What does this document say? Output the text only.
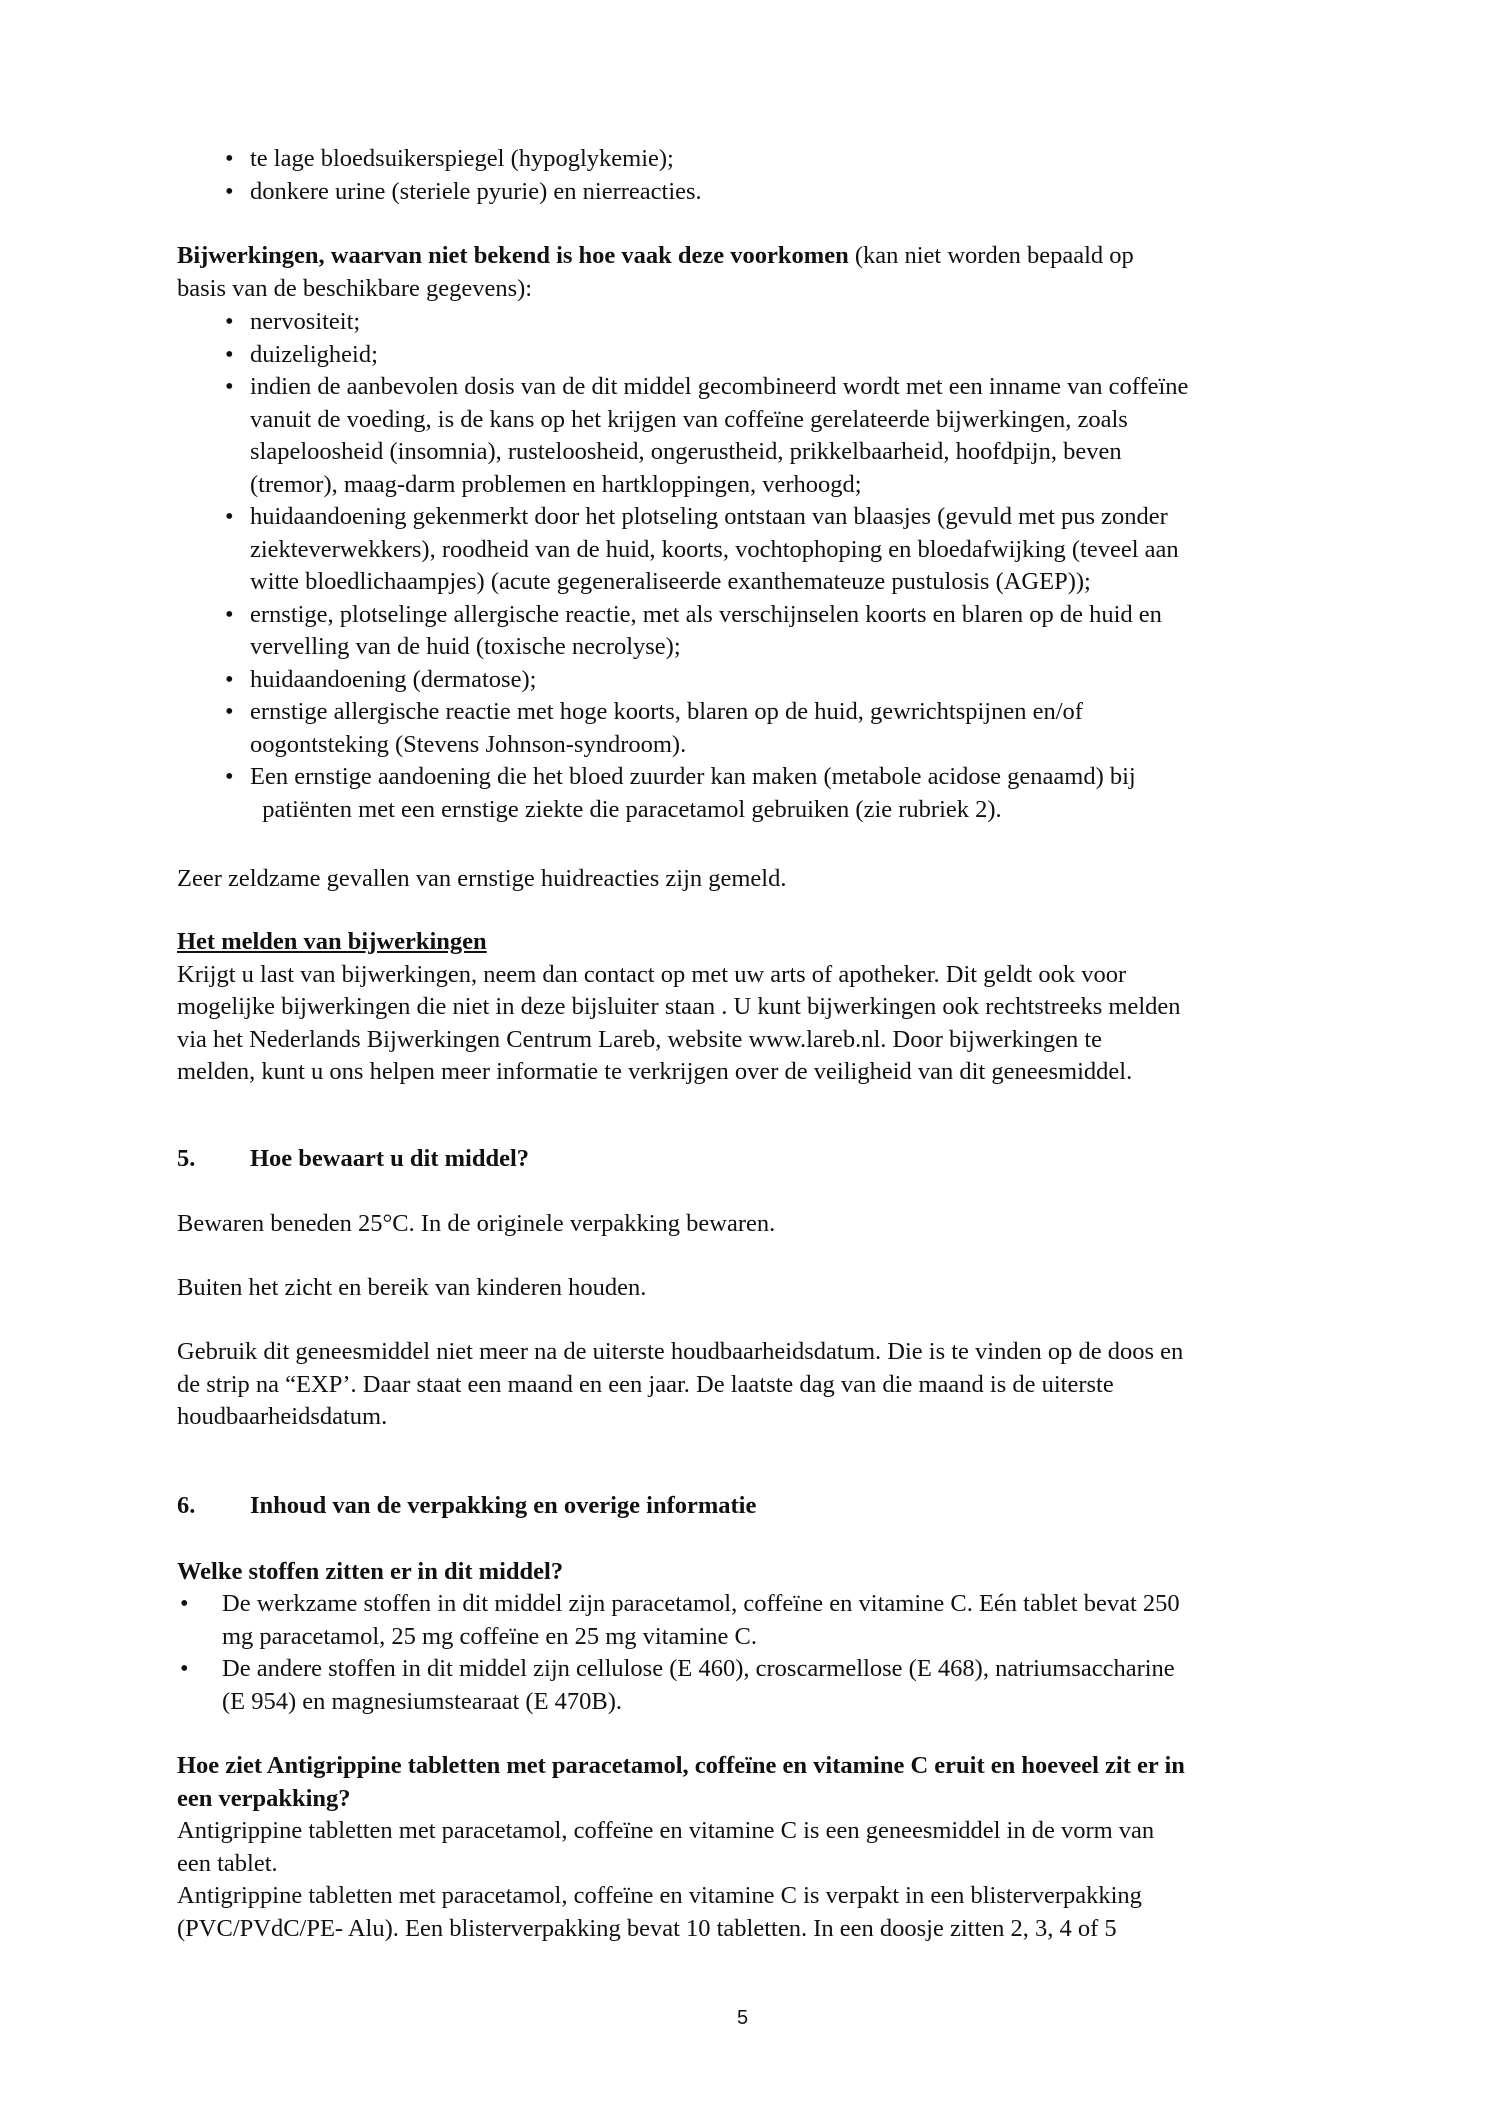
• te lage bloedsuikerspiegel (hypoglykemie);
• donkere urine (steriele pyurie) en nierreacties.
Bijwerkingen, waarvan niet bekend is hoe vaak deze voorkomen (kan niet worden bepaald op
basis van de beschikbare gegevens):
• nervositeit;
• duizeligheid;
• indien de aanbevolen dosis van de dit middel gecombineerd wordt met een inname van coffeïne
vanuit de voeding, is de kans op het krijgen van coffeïne gerelateerde bijwerkingen, zoals
slapeloosheid (insomnia), rusteloosheid, ongerustheid, prikkelbaarheid, hoofdpijn, beven
(tremor), maag-darm problemen en hartkloppingen, verhoogd;
• huidaandoening gekenmerkt door het plotseling ontstaan van blaasjes (gevuld met pus zonder
ziekteverwekkers), roodheid van de huid, koorts, vochtophoping en bloedafwijking (teveel aan
witte bloedlichaampjes) (acute gegeneraliseerde exanthemateuze pustulosis (AGEP));
• ernstige, plotselinge allergische reactie, met als verschijnselen koorts en blaren op de huid en
vervelling van de huid (toxische necrolyse);
• huidaandoening (dermatose);
• ernstige allergische reactie met hoge koorts, blaren op de huid, gewrichtspijnen en/of
oogontsteking (Stevens Johnson-syndroom).
• Een ernstige aandoening die het bloed zuurder kan maken (metabole acidose genaamd) bij
patiënten met een ernstige ziekte die paracetamol gebruiken (zie rubriek 2).
Zeer zeldzame gevallen van ernstige huidreacties zijn gemeld.
Het melden van bijwerkingen
Krijgt u last van bijwerkingen, neem dan contact op met uw arts of apotheker. Dit geldt ook voor
mogelijke bijwerkingen die niet in deze bijsluiter staan . U kunt bijwerkingen ook rechtstreeks melden
via het Nederlands Bijwerkingen Centrum Lareb, website www.lareb.nl. Door bijwerkingen te
melden, kunt u ons helpen meer informatie te verkrijgen over de veiligheid van dit geneesmiddel.
5. Hoe bewaart u dit middel?
Bewaren beneden 25°C. In de originele verpakking bewaren.
Buiten het zicht en bereik van kinderen houden.
Gebruik dit geneesmiddel niet meer na de uiterste houdbaarheidsdatum. Die is te vinden op de doos en
de strip na “EXP’. Daar staat een maand en een jaar. De laatste dag van die maand is de uiterste
houdbaarheidsdatum.
6. Inhoud van de verpakking en overige informatie
Welke stoffen zitten er in dit middel?
• De werkzame stoffen in dit middel zijn paracetamol, coffeïne en vitamine C. Eén tablet bevat 250
mg paracetamol, 25 mg coffeïne en 25 mg vitamine C.
• De andere stoffen in dit middel zijn cellulose (E 460), croscarmellose (E 468), natriumsaccharine
(E 954) en magnesiumstearaat (E 470B).
Hoe ziet Antigrippine tabletten met paracetamol, coffeïne en vitamine C eruit en hoeveel zit er in
een verpakking?
Antigrippine tabletten met paracetamol, coffeïne en vitamine C is een geneesmiddel in de vorm van
een tablet.
Antigrippine tabletten met paracetamol, coffeïne en vitamine C is verpakt in een blisterverpakking
(PVC/PVdC/PE- Alu). Een blisterverpakking bevat 10 tabletten. In een doosje zitten 2, 3, 4 of 5
5
